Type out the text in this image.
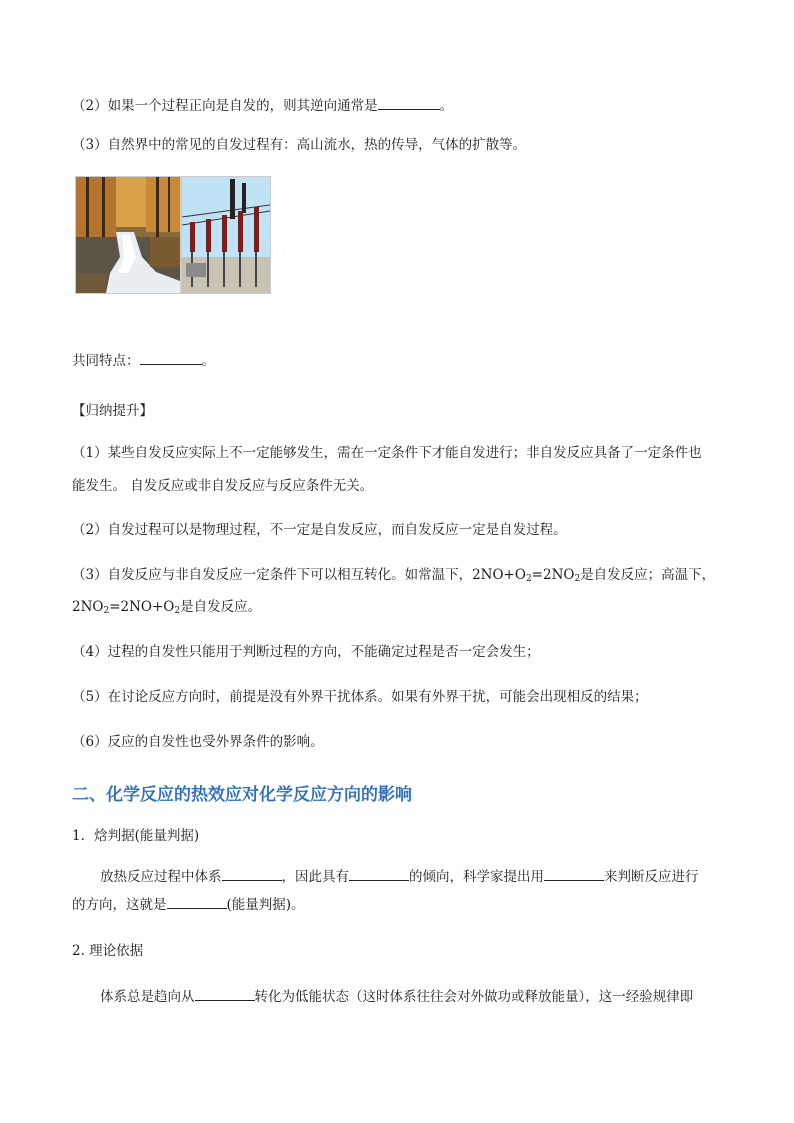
（2）如果一个过程正向是自发的，则其逆向通常是	。
（3）自然界中的常见的自发过程有：高山流水，热的传导，气体的扩散等。
共同特点：	。
【归纳提升】
（1）某些自发反应实际上不一定能够发生，需在一定条件下才能自发进行；非自发反应具备了一定条件也
能发生。 自发反应或非自发反应与反应条件无关。
（2）自发过程可以是物理过程，不一定是自发反应，而自发反应一定是自发过程。
（3）自发反应与非自发反应一定条件下可以相互转化。如常温下，$2NO+O_2=2NO_2$是自发反应；高温下，
$2NO_2=2NO+O_2$是自发反应。
（4）过程的自发性只能用于判断过程的方向，不能确定过程是否一定会发生；
（5）在讨论反应方向时，前提是没有外界干扰体系。如果有外界干扰，可能会出现相反的结果；
（6）反应的自发性也受外界条件的影响。
二、化学反应的热效应对化学反应方向的影响
1．焓判据(能量判据)
放热反应过程中体系	，因此具有	的倾向，科学家提出用	来判断反应进行
的方向，这就是	(能量判据)。
2. 理论依据
体系总是趋向从	转化为低能状态（这时体系往往会对外做功或释放能量），这一经验规律即
